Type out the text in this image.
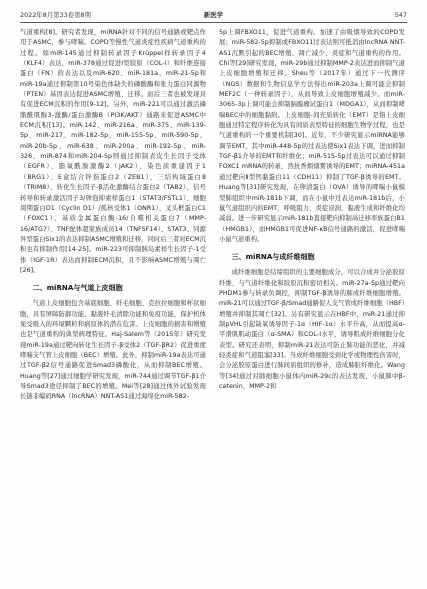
2022年8月第33卷第8期	新医学	547

气道重构[8]。研究者发现，miRNA针对不同的信号通路或靶点作用于ASMC，参与哮喘。COPD等慢性气道炎症性疾病气道重构的过程。如miR-145通过抑制转录因子Krüppel样转录因子4（KLF4）表达，miR-378通过促进Ⅰ型胶原（COL-Ⅰ）和纤维连接蛋白（FN）的表达以及miR-620、miR-181a、miR-21-5p和miR-19a通过抑制第10号染色体缺失的磷酸酶和张力蛋白同源物（PTEN）基因表达促进ASMC增殖、迁移。而后三者也被发现具有促进ECM沉积的作用[9-12]。另外，miR-221可以通过激活磷脂酰肌醇3-激酶/蛋白激酶B（PI3K/AKT）通路来促进ASMC中ECM沉积[13]。miR-142、miR-216a、miR-375、miR-139-5p、miR-217、miR-182-5p、miR-155-5p、miR-590-5p、miR-20b-5p、miR-638、miR-200a、miR-192-5p、miR-326、miR-874和miR-204-5p则通过抑制表皮生长因子受体（EGFR）、脂氧酰胺激酶2（JAK2）、染色质重建因子1（BRG1）、E盒结合锌指蛋白2（ZEB1）、三结构域蛋白8（TRIM8）、转化生长因子-β活化激酶结合蛋白2（TAB2）、信号转导和转录激活因子3/卵泡抑素样蛋白1（STAT3/FSTL1）、细胞周期蛋白D1（Cyclin D1）/孤核受体1（ONR1）、叉头框蛋白C1（FOXC1）、基质金属蛋白酶-16/自噬相关蛋白7（MMP-16/ATG7）、TNF配体超家族成员14（TNFSF14）、STAT3、同源异型蛋白Six1的表达抑制ASMC增殖和迁移，同时后三者对ECM沉积也有抑制作用[14-25]。miR-223可抑制胰岛素样生长因子-1受体（IGF-1R）表达而抑制ECM沉积，且不影响ASMC增殖与凋亡[26]。

二、miRNA与气道上皮细胞

气道上皮细胞包含基底细胞、纤毛细胞、克拉拉细胞和杯状细胞，具有屏障防御功能、黏液纤毛清除功能和免疫功能，保护机体免受吸入的环境颗粒和病原体的潜在危害。上皮细胞的损害和增殖也是气道重构的典型病理特征。Haj-Salem等（2015年）研究发现miR-19a通过靶向转化生长因子-β受体2（TGF-βR2）促进重度哮喘支气管上皮细胞（BEC）增殖。此外，抑制miR-19a表达可通过TGF-β2信号通路促进Smad3磷酸化，从而抑制BEC增殖。Huang等[27]通过细胞学研究发现，miR-744通过调节TGF-β1介导Smad3途径抑制了BEC的增殖。Mei等[28]通过体外试验发现长链非编码RNA（lncRNA）NNT-AS1通过海绵化miR-582-

5p上调FBXO11，促进气道重构。加速了由吸烟导致的COPD发展；miR-582-5p抑制或FBXO11过表达则可抵消由lncRNA NNT-AS1沉默引起的BEC增殖、凋亡减少、炎症和气道重构的作用。Chi等[29]研究发现，miR-29b通过抑制MMP-2表达进而抑制气道上皮细胞增殖和迁移。Sheu等（2017年）通过下一代测序（NGS）数据和生物信息学方法得出miR-203a上调可能会抑制MEF2C（一种转录因子），从而导致上皮细胞增殖减少。而miR-3065-3p上调可能会抑制脑膜瘤试蛋白1（MDGA1），从而抑制哮喘BEC中的细胞黏附。上皮细胞-间充质转化（EMT）是指上皮细胞通过特定程序转化为具有间质表型特征的细胞生物学过程，也是气道重构的一个重要机制[30]。近年，不少研究显示miRNA能够调节EMT，其中miR-448-5p的过表达使Six1表达下调，进而抑制TGF-β1介导的EMT和纤维化；miR-515-5p过表达可以通过抑制FOXC1 mRNA的转录，然抗香烟烟雾诱导的EMT；miRNA-451a通过靶向Ⅱ型钙黏蛋白11（CDH11）抑制了TGF-β诱导的EMT。Huang等[31]研究发现，在卵清蛋白（OVA）诱导的哮喘小鼠模型肺组织中miR-181b下调，而在小鼠中过表达miR-181b后，小鼠气道组织内的EMT、呼吸阻力、炎症浸润、黏液生成和纤维化均减弱。进一步研究显示miR-181b直接靶向抑制高迁移率族蛋白B1（HMGB1），而HMGB1可促进NF-κB信号通路的激活，促进哮喘小鼠气道重构。

三、miRNA与成纤维细胞

成纤维细胞是结缔组织的主要细胞成分，可以合成并分泌胶原纤维，与气道纤维化和胶原沉积密切相关。miR-27a-5p通过靶向PHDM1参与转录负调控，抑制TGF-β诱导的肺成纤维细胞增殖。miR-21可以通过TGF-β/Smad通路促人支气管成纤维细胞（HBF）增殖并抑制其凋亡[32]。另有研究显示在HBF中，miR-21通过抑制pVHL引起缺氧诱导因子-1α（HIF-1α）水平升高，从而提高α-平滑肌肌动蛋白（α-SMA）和COL-Ⅰ水平，诱导肌成纤维细胞分化表型。研究还表明，抑制miR-21表达可防止肺功能的恶化，并减轻炎症和气道阻塞[33]。当成纤维细胞受到化学或物理性伤害时，会分泌胶原蛋白进行肺间质组织的修补，造成肺脏纤维化。Wang等[34]通过对肺细胞小鼠体内miR-29c的表达发现，小鼠肺中β-catenin、MMP-2和
